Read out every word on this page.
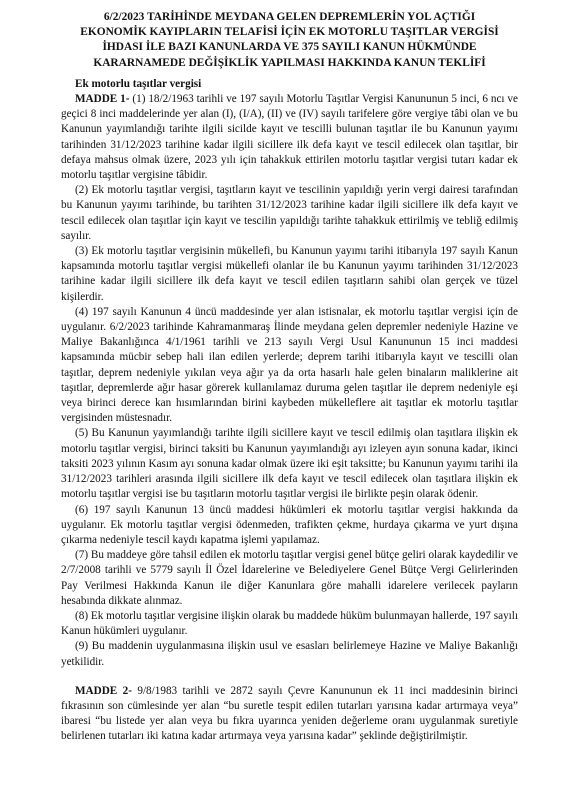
6/2/2023 TARİHİNDE MEYDANA GELEN DEPREMLERİN YOL AÇTIĞI
EKONOMİK KAYIPLARIN TELAFİSİ İÇİN EK MOTORLU TAŞITLAR VERGİSİ
İHDASI İLE BAZI KANUNLARDA VE 375 SAYILI KANUN HÜKMÜNDE
KARARNAMEDE DEĞİŞİKLİK YAPILMASI HAKKINDA KANUN TEKLİFİ
Ek motorlu taşıtlar vergisi

MADDE 1- (1) 18/2/1963 tarihli ve 197 sayılı Motorlu Taşıtlar Vergisi Kanununun 5 inci, 6 ncı ve geçici 8 inci maddelerinde yer alan (I), (I/A), (II) ve (IV) sayılı tarifelere göre vergiye tâbi olan ve bu Kanunun yayımlandığı tarihte ilgili sicilde kayıt ve tescilli bulunan taşıtlar ile bu Kanunun yayımı tarihinden 31/12/2023 tarihine kadar ilgili sicillere ilk defa kayıt ve tescil edilecek olan taşıtlar, bir defaya mahsus olmak üzere, 2023 yılı için tahakkuk ettirilen motorlu taşıtlar vergisi tutarı kadar ek motorlu taşıtlar vergisine tâbidir.

(2) Ek motorlu taşıtlar vergisi, taşıtların kayıt ve tescilinin yapıldığı yerin vergi dairesi tarafından bu Kanunun yayımı tarihinde, bu tarihten 31/12/2023 tarihine kadar ilgili sicillere ilk defa kayıt ve tescil edilecek olan taşıtlar için kayıt ve tescilin yapıldığı tarihte tahakkuk ettirilmiş ve tebliğ edilmiş sayılır.

(3) Ek motorlu taşıtlar vergisinin mükellefi, bu Kanunun yayımı tarihi itibarıyla 197 sayılı Kanun kapsamında motorlu taşıtlar vergisi mükellefi olanlar ile bu Kanunun yayımı tarihinden 31/12/2023 tarihine kadar ilgili sicillere ilk defa kayıt ve tescil edilen taşıtların sahibi olan gerçek ve tüzel kişilerdir.

(4) 197 sayılı Kanunun 4 üncü maddesinde yer alan istisnalar, ek motorlu taşıtlar vergisi için de uygulanır. 6/2/2023 tarihinde Kahramanmaraş İlinde meydana gelen depremler nedeniyle Hazine ve Maliye Bakanlığınca 4/1/1961 tarihli ve 213 sayılı Vergi Usul Kanununun 15 inci maddesi kapsamında mücbir sebep hali ilan edilen yerlerde; deprem tarihi itibarıyla kayıt ve tescilli olan taşıtlar, deprem nedeniyle yıkılan veya ağır ya da orta hasarlı hale gelen binaların maliklerine ait taşıtlar, depremlerde ağır hasar görerek kullanılamaz duruma gelen taşıtlar ile deprem nedeniyle eşi veya birinci derece kan hısımlarından birini kaybeden mükelleflere ait taşıtlar ek motorlu taşıtlar vergisinden müstesnadır.

(5) Bu Kanunun yayımlandığı tarihte ilgili sicillere kayıt ve tescil edilmiş olan taşıtlara ilişkin ek motorlu taşıtlar vergisi, birinci taksiti bu Kanunun yayımlandığı ayı izleyen ayın sonuna kadar, ikinci taksiti 2023 yılının Kasım ayı sonuna kadar olmak üzere iki eşit taksitte; bu Kanunun yayımı tarihi ila 31/12/2023 tarihleri arasında ilgili sicillere ilk defa kayıt ve tescil edilecek olan taşıtlara ilişkin ek motorlu taşıtlar vergisi ise bu taşıtların motorlu taşıtlar vergisi ile birlikte peşin olarak ödenir.

(6) 197 sayılı Kanunun 13 üncü maddesi hükümleri ek motorlu taşıtlar vergisi hakkında da uygulanır. Ek motorlu taşıtlar vergisi ödenmeden, trafikten çekme, hurdaya çıkarma ve yurt dışına çıkarma nedeniyle tescil kaydı kapatma işlemi yapılamaz.

(7) Bu maddeye göre tahsil edilen ek motorlu taşıtlar vergisi genel bütçe geliri olarak kaydedilir ve 2/7/2008 tarihli ve 5779 sayılı İl Özel İdarelerine ve Belediyelere Genel Bütçe Vergi Gelirlerinden Pay Verilmesi Hakkında Kanun ile diğer Kanunlara göre mahalli idarelere verilecek payların hesabında dikkate alınmaz.

(8) Ek motorlu taşıtlar vergisine ilişkin olarak bu maddede hüküm bulunmayan hallerde, 197 sayılı Kanun hükümleri uygulanır.

(9) Bu maddenin uygulanmasına ilişkin usul ve esasları belirlemeye Hazine ve Maliye Bakanlığı yetkilidir.

MADDE 2- 9/8/1983 tarihli ve 2872 sayılı Çevre Kanununun ek 11 inci maddesinin birinci fıkrasının son cümlesinde yer alan “bu suretle tespit edilen tutarları yarısına kadar artırmaya veya” ibaresi “bu listede yer alan veya bu fıkra uyarınca yeniden değerleme oranı uygulanmak suretiyle belirlenen tutarları iki katına kadar artırmaya veya yarısına kadar” şeklinde değiştirilmiştir.
